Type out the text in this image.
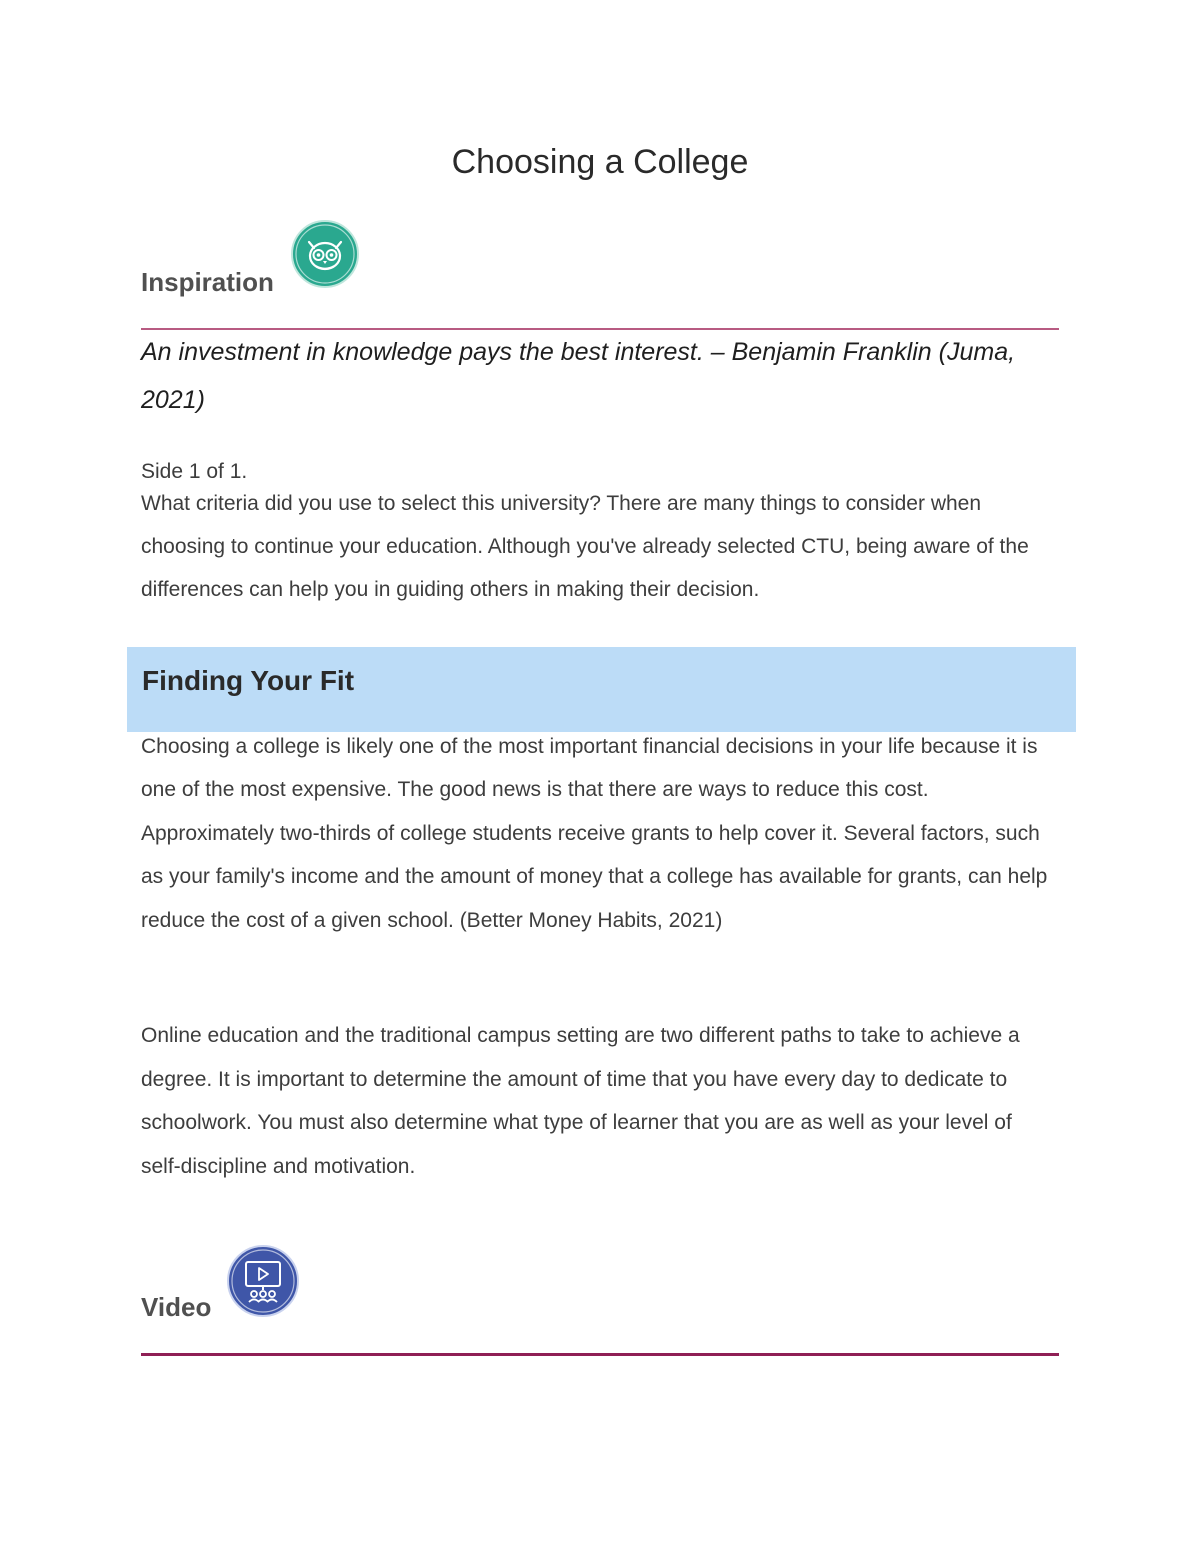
Choosing a College
Inspiration
An investment in knowledge pays the best interest. – Benjamin Franklin (Juma, 2021)
Side 1 of 1.
What criteria did you use to select this university? There are many things to consider when choosing to continue your education. Although you've already selected CTU, being aware of the differences can help you in guiding others in making their decision.
Finding Your Fit
Choosing a college is likely one of the most important financial decisions in your life because it is one of the most expensive. The good news is that there are ways to reduce this cost. Approximately two-thirds of college students receive grants to help cover it. Several factors, such as your family's income and the amount of money that a college has available for grants, can help reduce the cost of a given school. (Better Money Habits, 2021)
Online education and the traditional campus setting are two different paths to take to achieve a degree. It is important to determine the amount of time that you have every day to dedicate to schoolwork. You must also determine what type of learner that you are as well as your level of self-discipline and motivation.
Video
